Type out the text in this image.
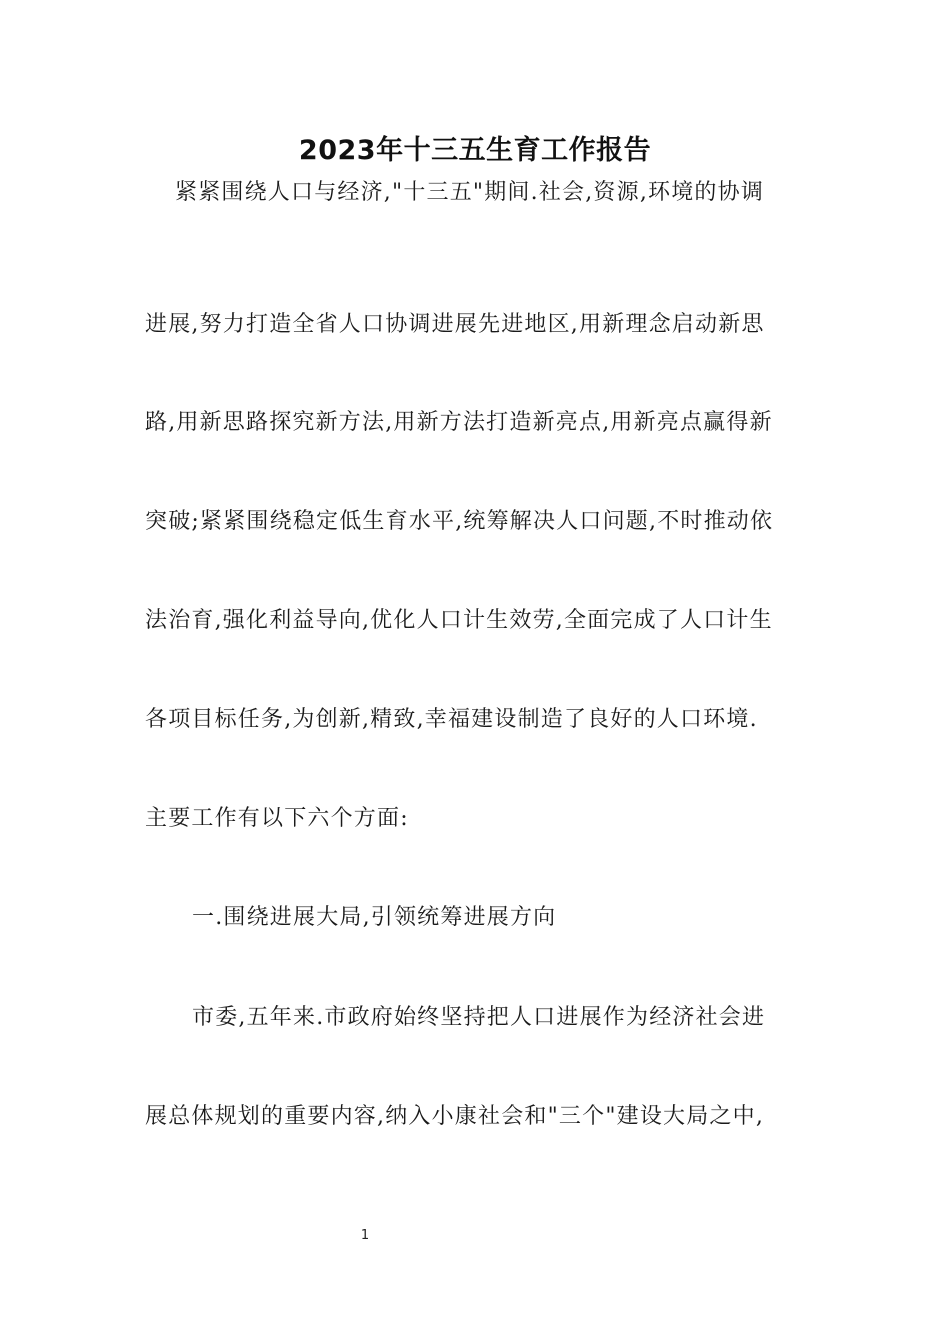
2023年十三五生育工作报告

紧紧围绕人口与经济,"十三五"期间.社会,资源,环境的协调

进展,努力打造全省人口协调进展先进地区,用新理念启动新思

路,用新思路探究新方法,用新方法打造新亮点,用新亮点赢得新

突破;紧紧围绕稳定低生育水平,统筹解决人口问题,不时推动依

法治育,强化利益导向,优化人口计生效劳,全面完成了人口计生

各项目标任务,为创新,精致,幸福建设制造了良好的人口环境.

主要工作有以下六个方面:

一.围绕进展大局,引领统筹进展方向

市委,五年来.市政府始终坚持把人口进展作为经济社会进

展总体规划的重要内容,纳入小康社会和"三个"建设大局之中,

1
